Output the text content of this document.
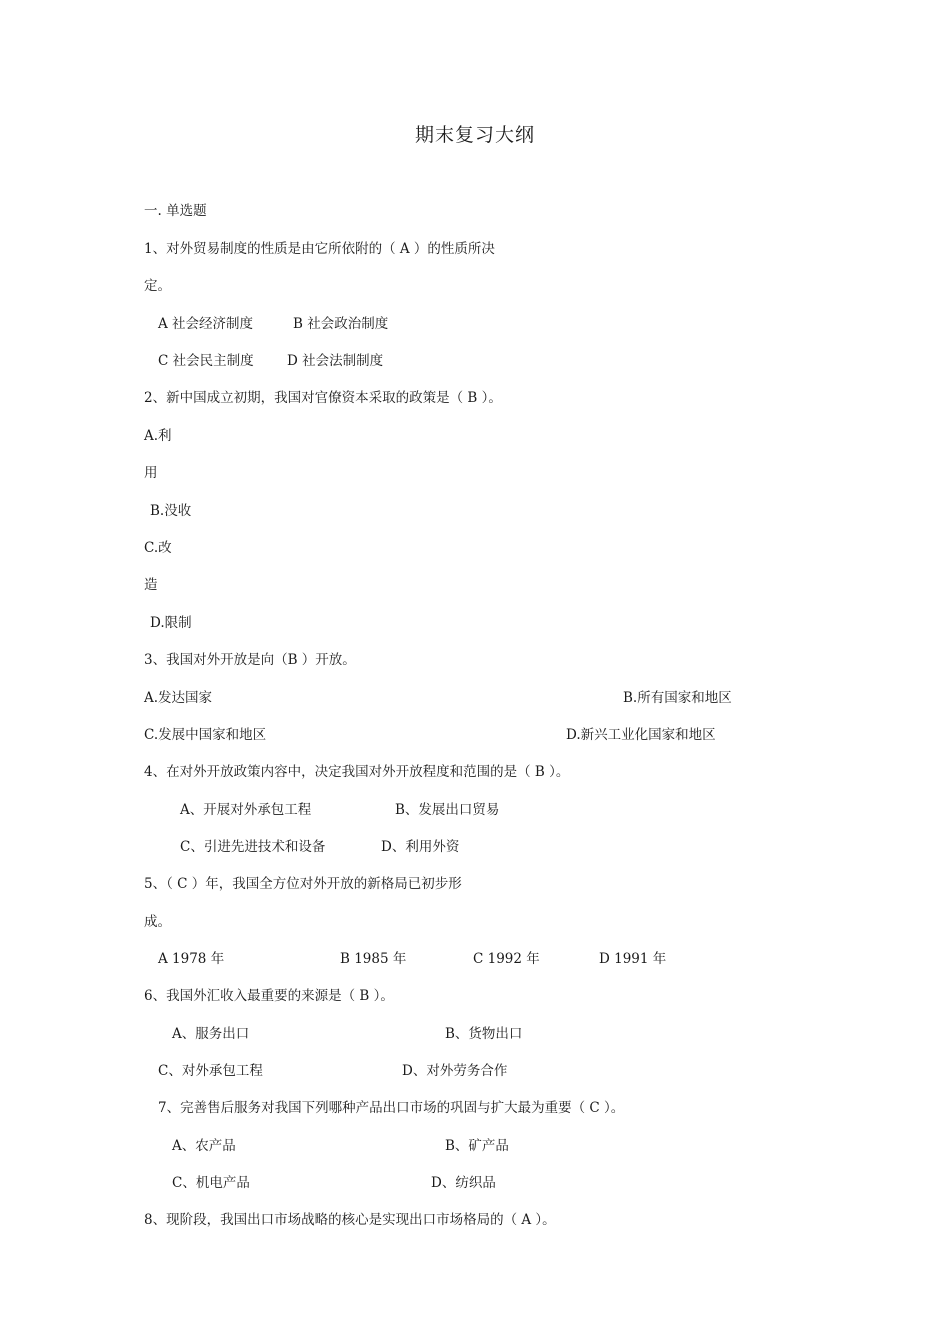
期末复习大纲
一. 单选题
1、对外贸易制度的性质是由它所依附的（ A ）的性质所决
定。
A 社会经济制度	B 社会政治制度
C 社会民主制度 D 社会法制制度
2、新中国成立初期，我国对官僚资本采取的政策是（ B ）。
A.利
用
B.没收
C.改
造
D.限制
3、我国对外开放是向（B ）开放。
A.发达国家	B.所有国家和地区
C.发展中国家和地区	D.新兴工业化国家和地区
4、在对外开放政策内容中，决定我国对外开放程度和范围的是（ B ）。
A、开展对外承包工程	B、发展出口贸易
C、引进先进技术和设备	D、利用外资
5、（ C ）年，我国全方位对外开放的新格局已初步形
成。
A 1978 年	B 1985 年	C 1992 年	D 1991 年
6、我国外汇收入最重要的来源是（ B ）。
A、服务出口	B、货物出口
C、对外承包工程	D、对外劳务合作
7、完善售后服务对我国下列哪种产品出口市场的巩固与扩大最为重要（ C ）。
A、农产品	B、矿产品
C、机电产品	D、纺织品
8、现阶段，我国出口市场战略的核心是实现出口市场格局的（ A ）。
